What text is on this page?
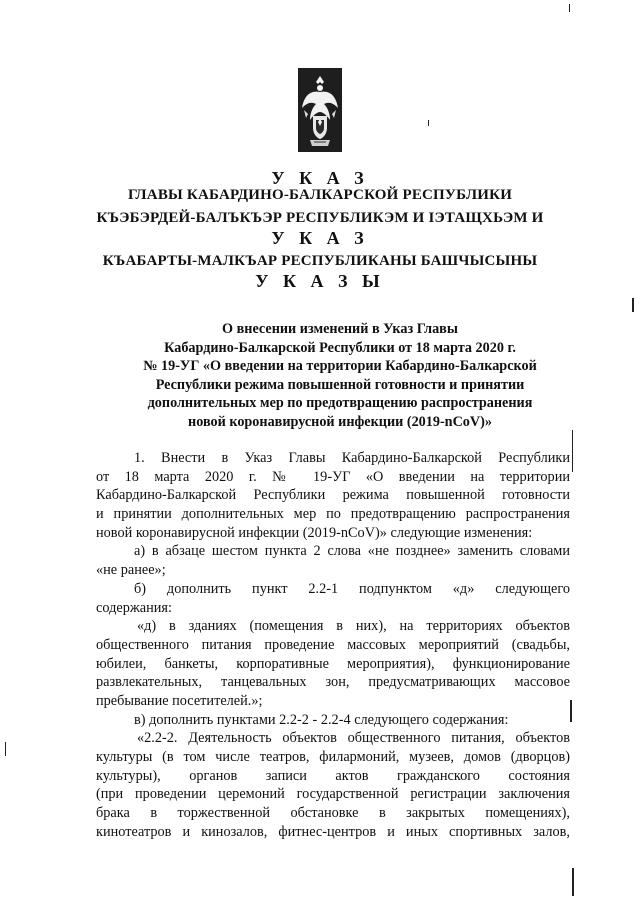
У К А З
ГЛАВЫ КАБАРДИНО-БАЛКАРСКОЙ РЕСПУБЛИКИ
КЪЭБЭРДЕЙ-БАЛЪКЪЭР РЕСПУБЛИКЭМ И ІЭТАЩХЬЭМ И
У К А З
КЪАБАРТЫ-МАЛКЪАР РЕСПУБЛИКАНЫ БАШЧЫСЫНЫ
У К А З Ы
О внесении изменений в Указ Главы
Кабардино-Балкарской Республики от 18 марта 2020 г.
№ 19-УГ «О введении на территории Кабардино-Балкарской
Республики режима повышенной готовности и принятии
дополнительных мер по предотвращению распространения
новой коронавирусной инфекции (2019-nCoV)»
1. Внести в Указ Главы Кабардино-Балкарской Республики
от 18 марта 2020 г. № 19-УГ «О введении на территории
Кабардино-Балкарской Республики режима повышенной готовности
и принятии дополнительных мер по предотвращению распространения
новой коронавирусной инфекции (2019-nCoV)» следующие изменения:
а) в абзаце шестом пункта 2 слова «не позднее» заменить словами
«не ранее»;
б) дополнить пункт 2.2-1 подпунктом «д» следующего
содержания:
«д) в зданиях (помещения в них), на территориях объектов
общественного питания проведение массовых мероприятий (свадьбы,
юбилеи, банкеты, корпоративные мероприятия), функционирование
развлекательных, танцевальных зон, предусматривающих массовое
пребывание посетителей.»;
в) дополнить пунктами 2.2-2 - 2.2-4 следующего содержания:
«2.2-2. Деятельность объектов общественного питания, объектов
культуры (в том числе театров, филармоний, музеев, домов (дворцов)
культуры), органов записи актов гражданского состояния
(при проведении церемоний государственной регистрации заключения
брака в торжественной обстановке в закрытых помещениях),
кинотеатров и кинозалов, фитнес-центров и иных спортивных залов,
